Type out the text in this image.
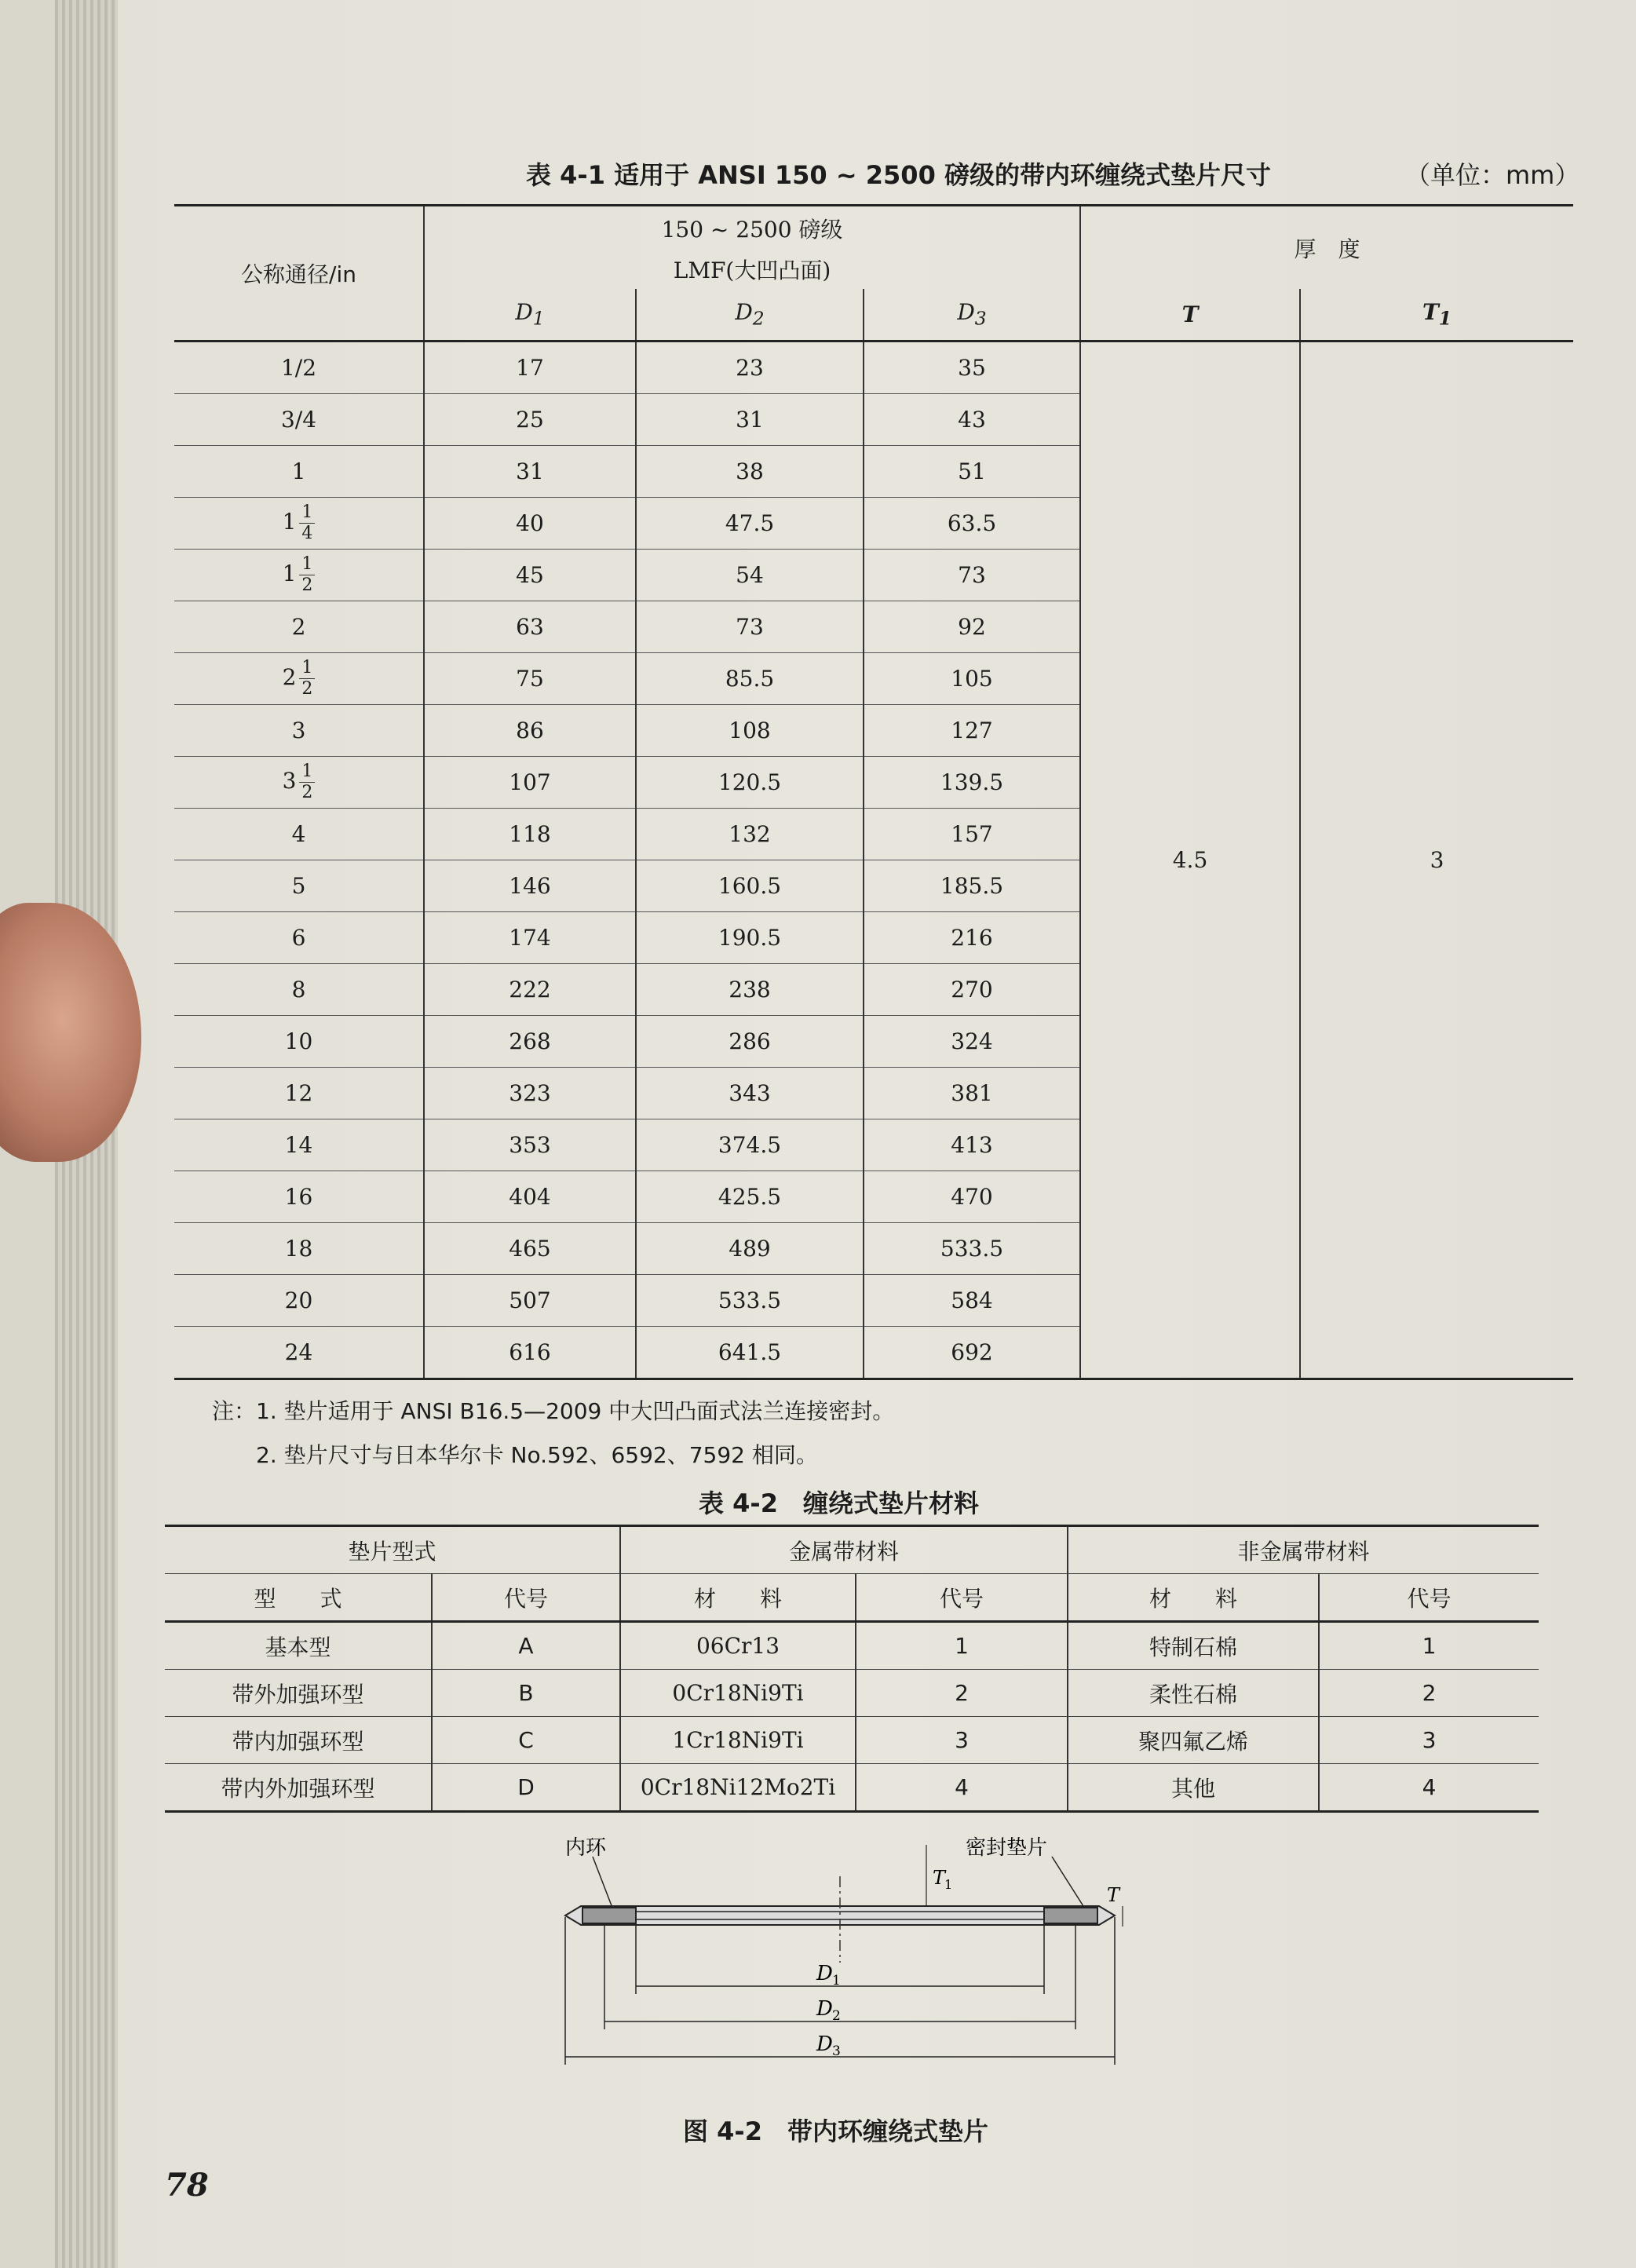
表 4-1 适用于 ANSI 150 ~ 2500 磅级的带内环缠绕式垫片尺寸	（单位：mm）
公称通径/in	150 ~ 2500 磅级			厚　度	
	LMF(大凹凸面)				
	$D_1$	$D_2$	$D_3$	T	$T_1$
1/2	17	23	35	4.5	3
3/4	25	31	43		
1	31	38	51		
$1 \frac{1}{4}$	40	47.5	63.5		
$1 \frac{1}{2}$	45	54	73		
2	63	73	92		
$2 \frac{1}{2}$	75	85.5	105		
3	86	108	127		
$3 \frac{1}{2}$	107	120.5	139.5		
4	118	132	157		
5	146	160.5	185.5		
6	174	190.5	216		
8	222	238	270		
10	268	286	324		
12	323	343	381		
14	353	374.5	413		
16	404	425.5	470		
18	465	489	533.5		
20	507	533.5	584		
24	616	641.5	692		
注：1. 垫片适用于 ANSI B16.5—2009 中大凹凸面式法兰连接密封。
　　2. 垫片尺寸与日本华尔卡 No.592、6592、7592 相同。
表 4-2　缠绕式垫片材料
垫片型式		金属带材料		非金属带材料	
型　　式	代号	材　　料	代号	材　　料	代号
基本型	A	06Cr13	1	特制石棉	1
带外加强环型	B	0Cr18Ni9Ti	2	柔性石棉	2
带内加强环型	C	1Cr18Ni9Ti	3	聚四氟乙烯	3
带内外加强环型	D	0Cr18Ni12Mo2Ti	4	其他	4
内环	密封垫片
T
1	T
D 1
D 2
D 3
图 4-2　带内环缠绕式垫片
78
